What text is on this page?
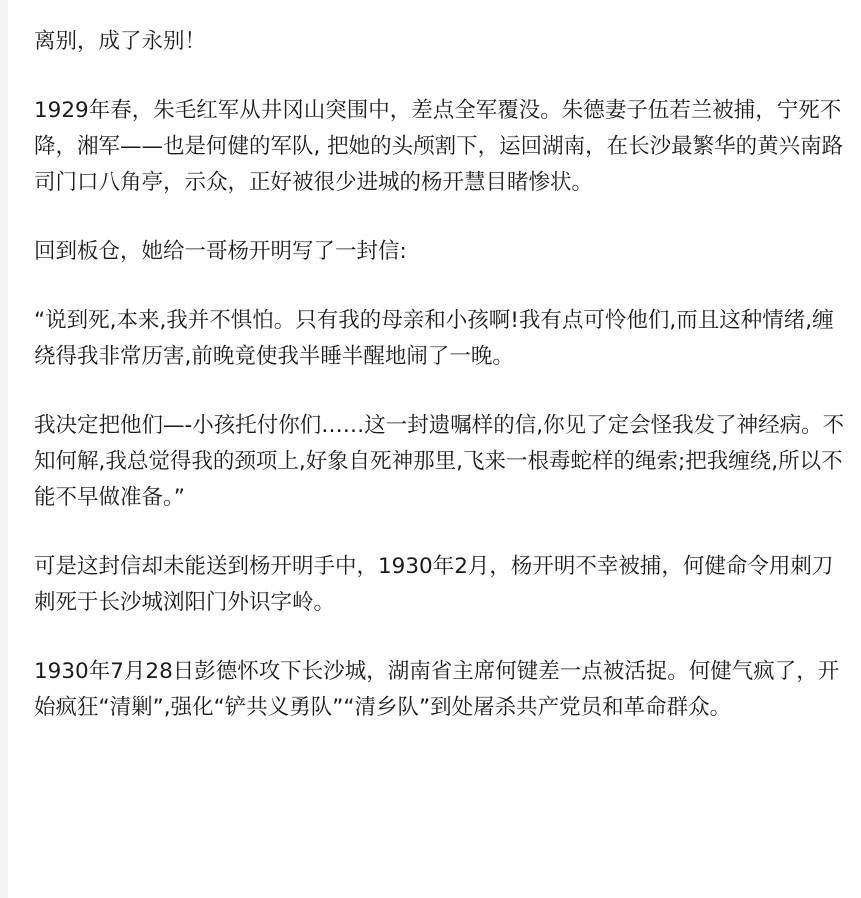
离别，成了永别！

1929年春，朱毛红军从井冈山突围中，差点全军覆没。朱德妻子伍若兰被捕，宁死不降，湘军——也是何健的军队, 把她的头颅割下，运回湖南，在长沙最繁华的黄兴南路司门口八角亭，示众，正好被很少进城的杨开慧目睹惨状。

回到板仓，她给一哥杨开明写了一封信:

“说到死,本来,我并不惧怕。只有我的母亲和小孩啊!我有点可怜他们,而且这种情绪,缠绕得我非常历害,前晚竟使我半睡半醒地闹了一晚。

我决定把他们—-小孩托付你们……这一封遗嘱样的信,你见了定会怪我发了神经病。不知何解,我总觉得我的颈项上,好象自死神那里,飞来一根毒蛇样的绳索;把我缠绕,所以不能不早做准备。”

可是这封信却未能送到杨开明手中，1930年2月，杨开明不幸被捕，何健命令用刺刀刺死于长沙城浏阳门外识字岭。

1930年7月28日彭德怀攻下长沙城，湖南省主席何键差一点被活捉。何健气疯了，开始疯狂“清剿”,强化“铲共义勇队”“清乡队”到处屠杀共产党员和革命群众。
